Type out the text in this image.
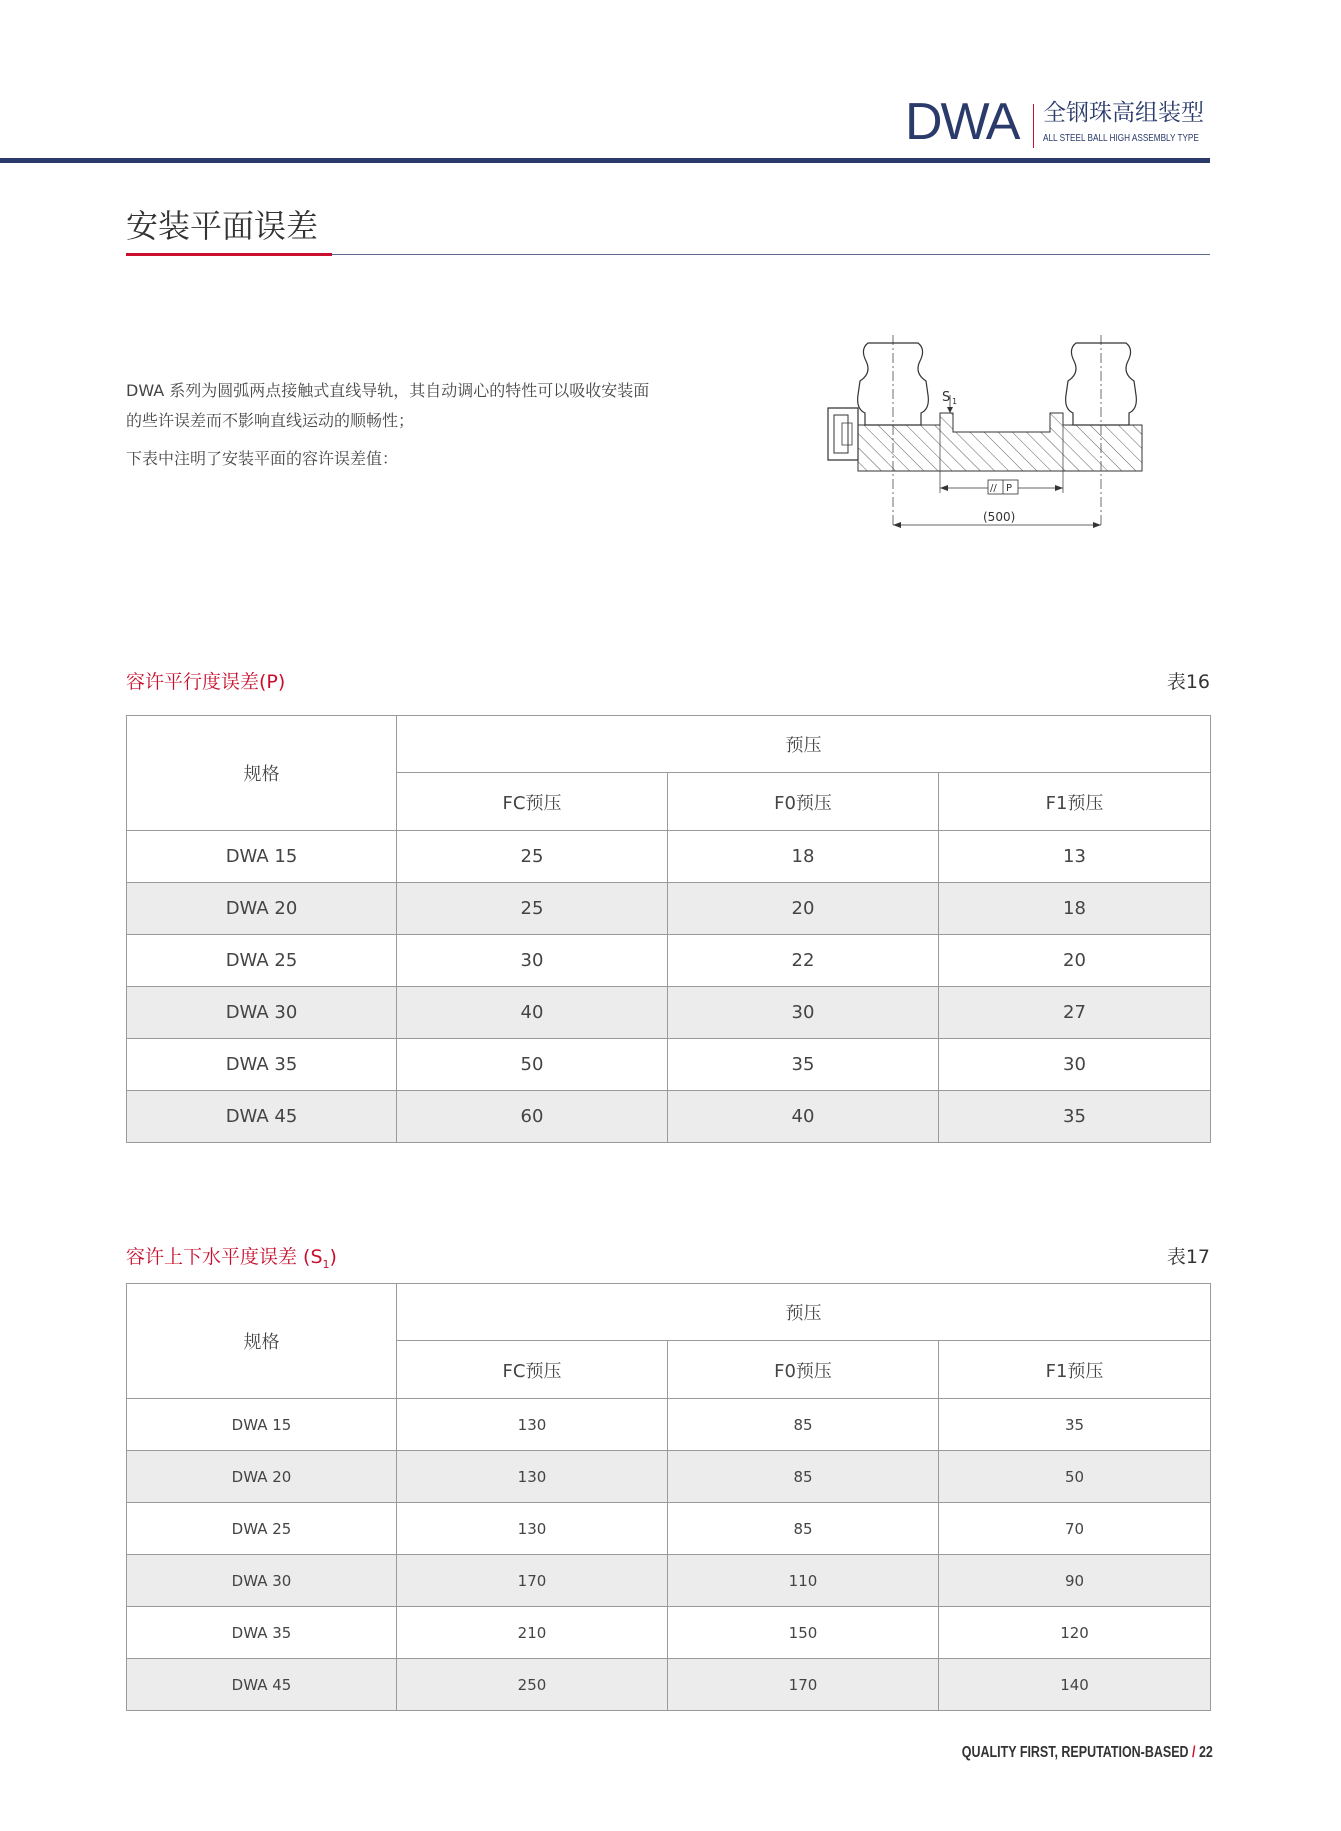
DWA 全钢珠高组装型
ALL STEEL BALL HIGH ASSEMBLY TYPE
安装平面误差
DWA 系列为圆弧两点接触式直线导轨，其自动调心的特性可以吸收安装面
的些许误差而不影响直线运动的顺畅性；
下表中注明了安装平面的容许误差值：
S 1
// P
(500)
容许平行度误差(P)	表16
规格	预压		
	FC预压	F0预压	F1预压
DWA 15	25	18	13
DWA 20	25	20	18
DWA 25	30	22	20
DWA 30	40	30	27
DWA 35	50	35	30
DWA 45	60	40	35
容许上下水平度误差 $(S_1)$	表17
规格	预压		
	FC预压	F0预压	F1预压
DWA 15	130	85	35
DWA 20	130	85	50
DWA 25	130	85	70
DWA 30	170	110	90
DWA 35	210	150	120
DWA 45	250	170	140
QUALITY FIRST, REPUTATION-BASED / 22
